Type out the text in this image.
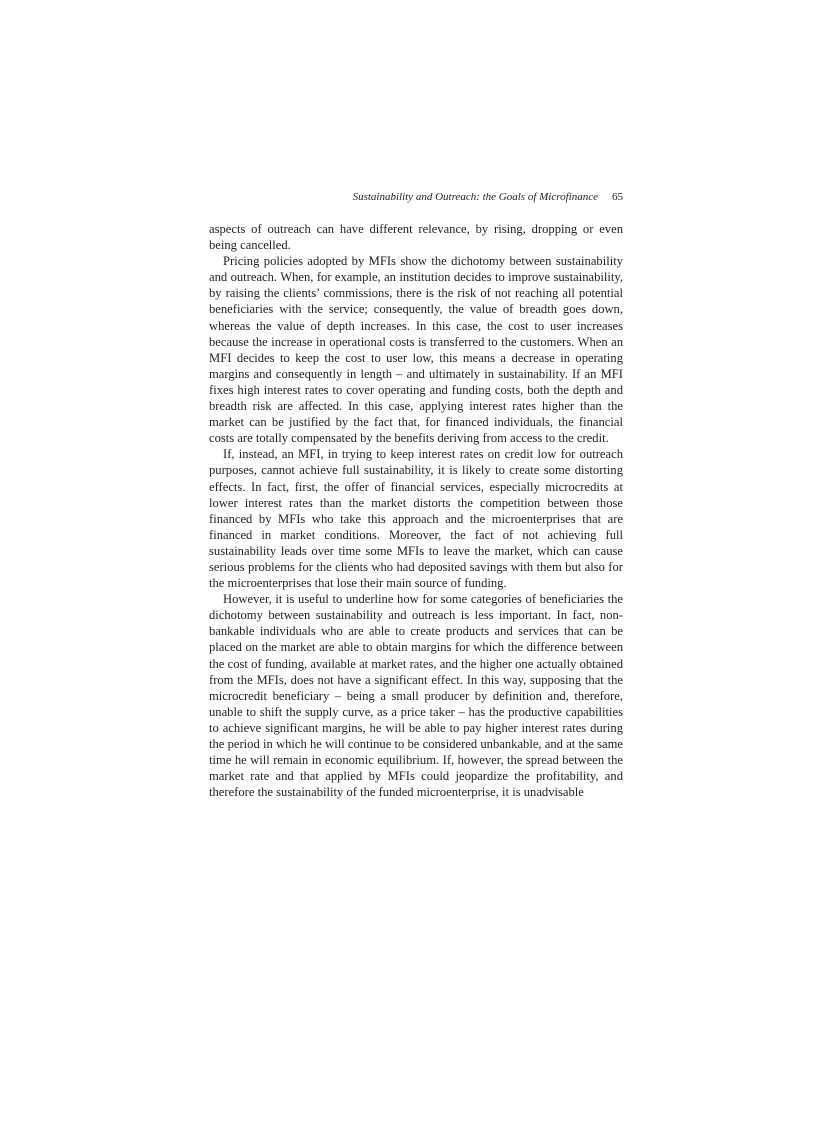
Sustainability and Outreach: the Goals of Microfinance 65

aspects of outreach can have different relevance, by rising, dropping or even being cancelled.

Pricing policies adopted by MFIs show the dichotomy between sustainability and outreach. When, for example, an institution decides to improve sustainability, by raising the clients’ commissions, there is the risk of not reaching all potential beneficiaries with the service; consequently, the value of breadth goes down, whereas the value of depth increases. In this case, the cost to user increases because the increase in operational costs is transferred to the customers. When an MFI decides to keep the cost to user low, this means a decrease in operating margins and consequently in length – and ultimately in sustainability. If an MFI fixes high interest rates to cover operating and funding costs, both the depth and breadth risk are affected. In this case, applying interest rates higher than the market can be justified by the fact that, for financed individuals, the financial costs are totally compensated by the benefits deriving from access to the credit.

If, instead, an MFI, in trying to keep interest rates on credit low for outreach purposes, cannot achieve full sustainability, it is likely to create some distorting effects. In fact, first, the offer of financial services, especially microcredits at lower interest rates than the market distorts the competition between those financed by MFIs who take this approach and the microenterprises that are financed in market conditions. Moreover, the fact of not achieving full sustainability leads over time some MFIs to leave the market, which can cause serious problems for the clients who had deposited savings with them but also for the microenterprises that lose their main source of funding.

However, it is useful to underline how for some categories of beneficiaries the dichotomy between sustainability and outreach is less important. In fact, non-bankable individuals who are able to create products and services that can be placed on the market are able to obtain margins for which the difference between the cost of funding, available at market rates, and the higher one actually obtained from the MFIs, does not have a significant effect. In this way, supposing that the microcredit beneficiary – being a small producer by definition and, therefore, unable to shift the supply curve, as a price taker – has the productive capabilities to achieve significant margins, he will be able to pay higher interest rates during the period in which he will continue to be considered unbankable, and at the same time he will remain in economic equilibrium. If, however, the spread between the market rate and that applied by MFIs could jeopardize the profitability, and therefore the sustainability of the funded microenterprise, it is unadvisable
